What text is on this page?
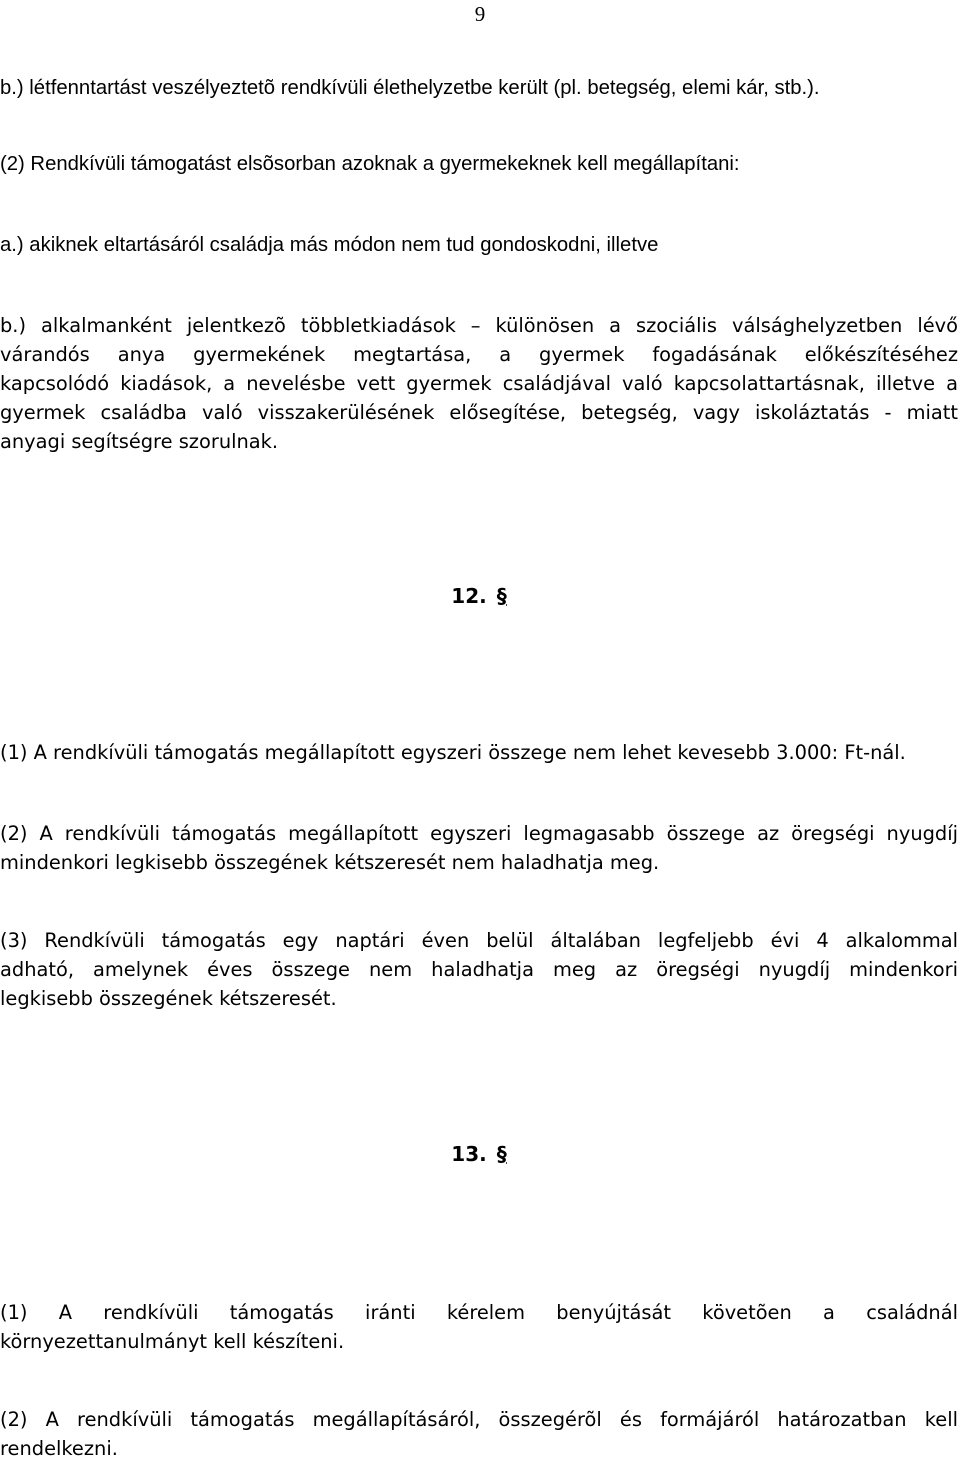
9

b.) létfenntartást veszélyeztetõ rendkívüli élethelyzetbe került (pl. betegség, elemi kár, stb.).

(2) Rendkívüli támogatást elsõsorban azoknak a gyermekeknek kell megállapítani:

a.) akiknek eltartásáról családja más módon nem tud gondoskodni, illetve

b.) alkalmanként jelentkezõ többletkiadások – különösen a szociális válsághelyzetben lévő
várandós anya gyermekének megtartása, a gyermek fogadásának előkészítéséhez
kapcsolódó kiadások, a nevelésbe vett gyermek családjával való kapcsolattartásnak, illetve a
gyermek családba való visszakerülésének elősegítése, betegség, vagy iskoláztatás - miatt
anyagi segítségre szorulnak.
12. §
(1) A rendkívüli támogatás megállapított egyszeri összege nem lehet kevesebb 3.000: Ft-nál.
(2) A rendkívüli támogatás megállapított egyszeri legmagasabb összege az öregségi nyugdíj
mindenkori legkisebb összegének kétszeresét nem haladhatja meg.
(3) Rendkívüli támogatás egy naptári éven belül általában legfeljebb évi 4 alkalommal
adható, amelynek éves összege nem haladhatja meg az öregségi nyugdíj mindenkori
legkisebb összegének kétszeresét.
13. §
(1) A rendkívüli támogatás iránti kérelem benyújtását követõen a családnál
környezettanulmányt kell készíteni.
(2) A rendkívüli támogatás megállapításáról, összegérõl és formájáról határozatban kell
rendelkezni.
